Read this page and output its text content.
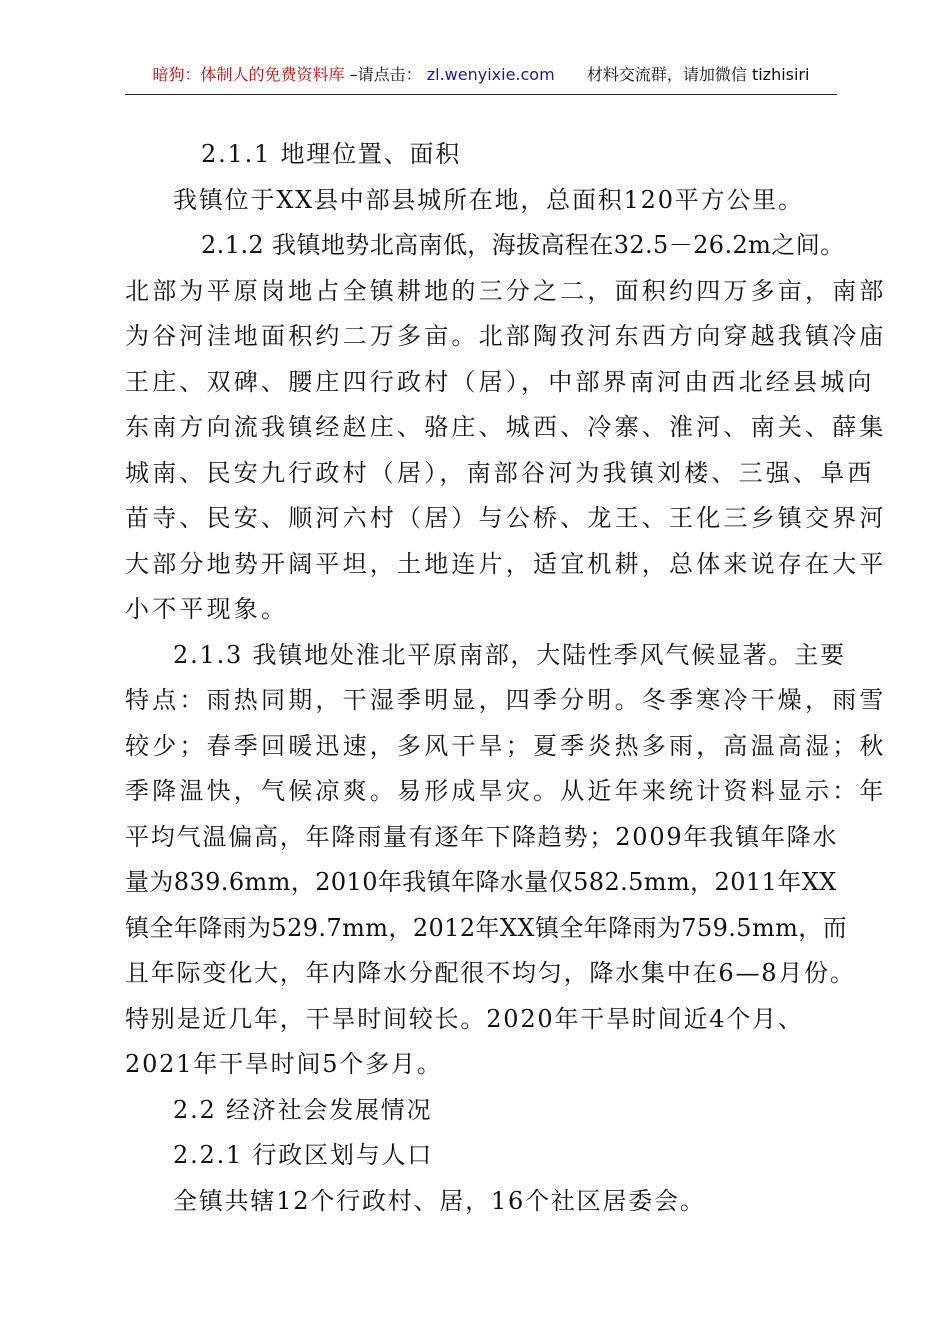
暗狗：体制人的免费资料库 –请点击： zl.wenyixie.com 材料交流群，请加微信 tizhisiri
2.1.1 地理位置、面积
我镇位于XX县中部县城所在地，总面积120平方公里。
2.1.2 我镇地势北高南低，海拔高程在32.5－26.2m之间。
北部为平原岗地占全镇耕地的三分之二，面积约四万多亩，南部
为谷河洼地面积约二万多亩。北部陶孜河东西方向穿越我镇冷庙
王庄、双碑、腰庄四行政村（居），中部界南河由西北经县城向
东南方向流我镇经赵庄、骆庄、城西、冷寨、淮河、南关、薛集
城南、民安九行政村（居），南部谷河为我镇刘楼、三强、阜西
苗寺、民安、顺河六村（居）与公桥、龙王、王化三乡镇交界河
大部分地势开阔平坦，土地连片，适宜机耕，总体来说存在大平
小不平现象。
2.1.3 我镇地处淮北平原南部，大陆性季风气候显著。主要
特点：雨热同期，干湿季明显，四季分明。冬季寒冷干燥，雨雪
较少；春季回暖迅速，多风干旱；夏季炎热多雨，高温高湿；秋
季降温快，气候凉爽。易形成旱灾。从近年来统计资料显示：年
平均气温偏高，年降雨量有逐年下降趋势；2009年我镇年降水
量为839.6mm，2010年我镇年降水量仅582.5mm，2011年XX
镇全年降雨为529.7mm，2012年XX镇全年降雨为759.5mm，而
且年际变化大，年内降水分配很不均匀，降水集中在6—8月份。
特别是近几年，干旱时间较长。2020年干旱时间近4个月、
2021年干旱时间5个多月。
2.2 经济社会发展情况
2.2.1 行政区划与人口
全镇共辖12个行政村、居，16个社区居委会。
